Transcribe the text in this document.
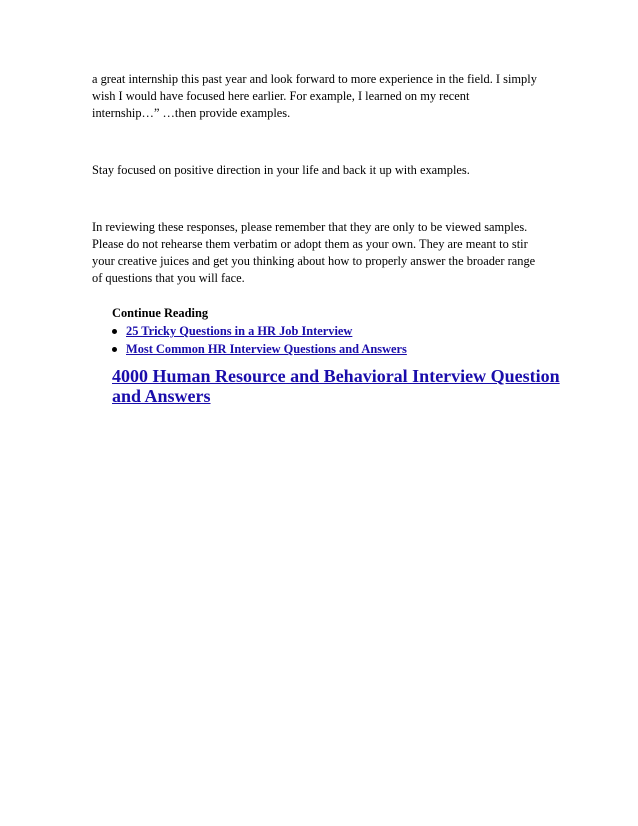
a great internship this past year and look forward to more experience in the field. I simply
wish I would have focused here earlier. For example, I learned on my recent
internship…” …then provide examples.

Stay focused on positive direction in your life and back it up with examples.

In reviewing these responses, please remember that they are only to be viewed samples.
Please do not rehearse them verbatim or adopt them as your own. They are meant to stir
your creative juices and get you thinking about how to properly answer the broader range
of questions that you will face.

Continue Reading

25 Tricky Questions in a HR Job Interview
Most Common HR Interview Questions and Answers

4000 Human Resource and Behavioral Interview Question
and Answers
